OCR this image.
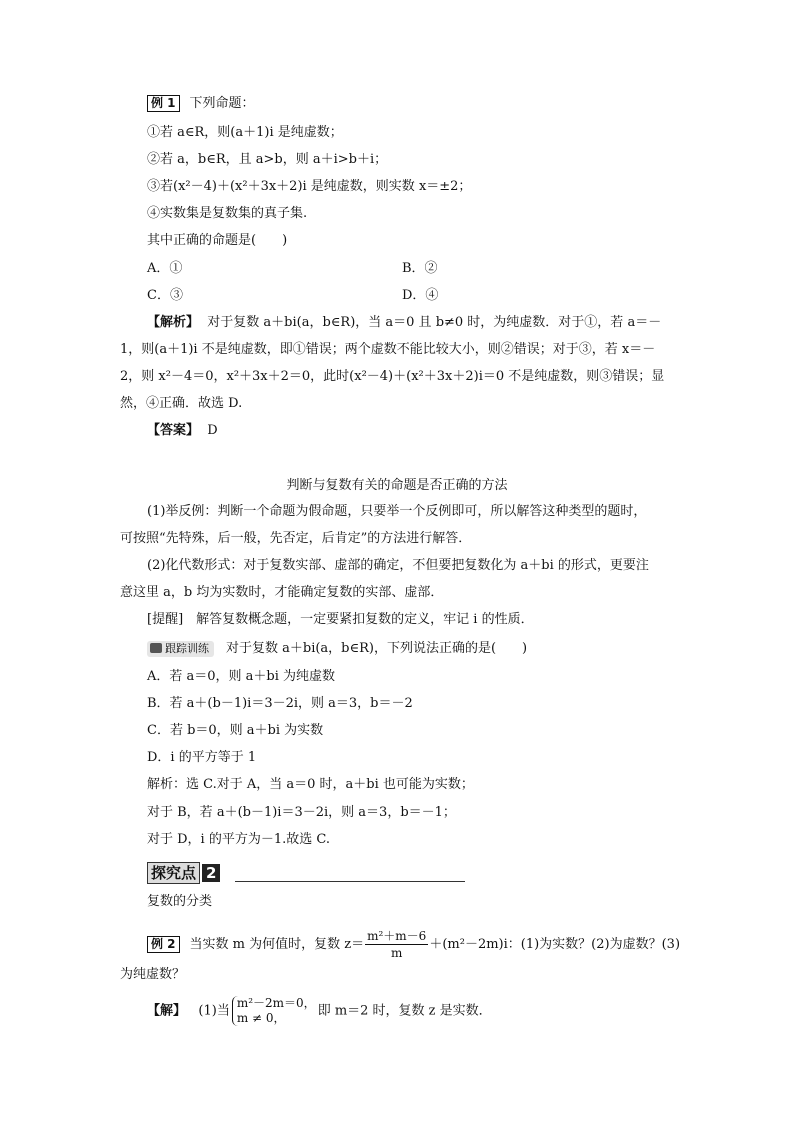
例 1 下列命题：
①若 a∈R，则(a＋1)i 是纯虚数；
②若 a，b∈R，且 a>b，则 a＋i>b＋i；
③若(x²－4)＋(x²＋3x＋2)i 是纯虚数，则实数 x＝±2；
④实数集是复数集的真子集.
其中正确的命题是(　　)
A．①	B．②
C．③	D．④
【解析】 对于复数 a＋bi(a，b∈R)，当 a＝0 且 b≠0 时，为纯虚数．对于①，若 a＝－
1，则(a＋1)i 不是纯虚数，即①错误；两个虚数不能比较大小，则②错误；对于③，若 x＝－
2，则 x²－4＝0，x²＋3x＋2＝0，此时(x²－4)＋(x²＋3x＋2)i＝0 不是纯虚数，则③错误；显
然，④正确．故选 D.
【答案】 D
判断与复数有关的命题是否正确的方法
(1)举反例：判断一个命题为假命题，只要举一个反例即可，所以解答这种类型的题时，
可按照“先特殊，后一般，先否定，后肯定”的方法进行解答．
(2)化代数形式：对于复数实部、虚部的确定，不但要把复数化为 a＋bi 的形式，更要注
意这里 a，b 均为实数时，才能确定复数的实部、虚部．
[提醒]　解答复数概念题，一定要紧扣复数的定义，牢记 i 的性质．
跟踪训练 对于复数 a＋bi(a，b∈R)，下列说法正确的是(　　)
A．若 a＝0，则 a＋bi 为纯虚数
B．若 a＋(b－1)i＝3－2i，则 a＝3，b＝－2
C．若 b＝0，则 a＋bi 为实数
D．i 的平方等于 1
解析：选 C.对于 A，当 a＝0 时，a＋bi 也可能为实数；
对于 B，若 a＋(b－1)i＝3－2i，则 a＝3，b＝－1；
对于 D，i 的平方为－1.故选 C.
探究点 2
复数的分类
例 2 当实数 m 为何值时，复数 $z= \frac{\text{m²＋m－6}}{m} +(m^2-2m)i$：(1)为实数？(2)为虚数？(3)
为纯虚数？
【解】 (1)当
m²－2m＝0，
m ≠ 0，	即 m＝2 时，复数 z 是实数．
